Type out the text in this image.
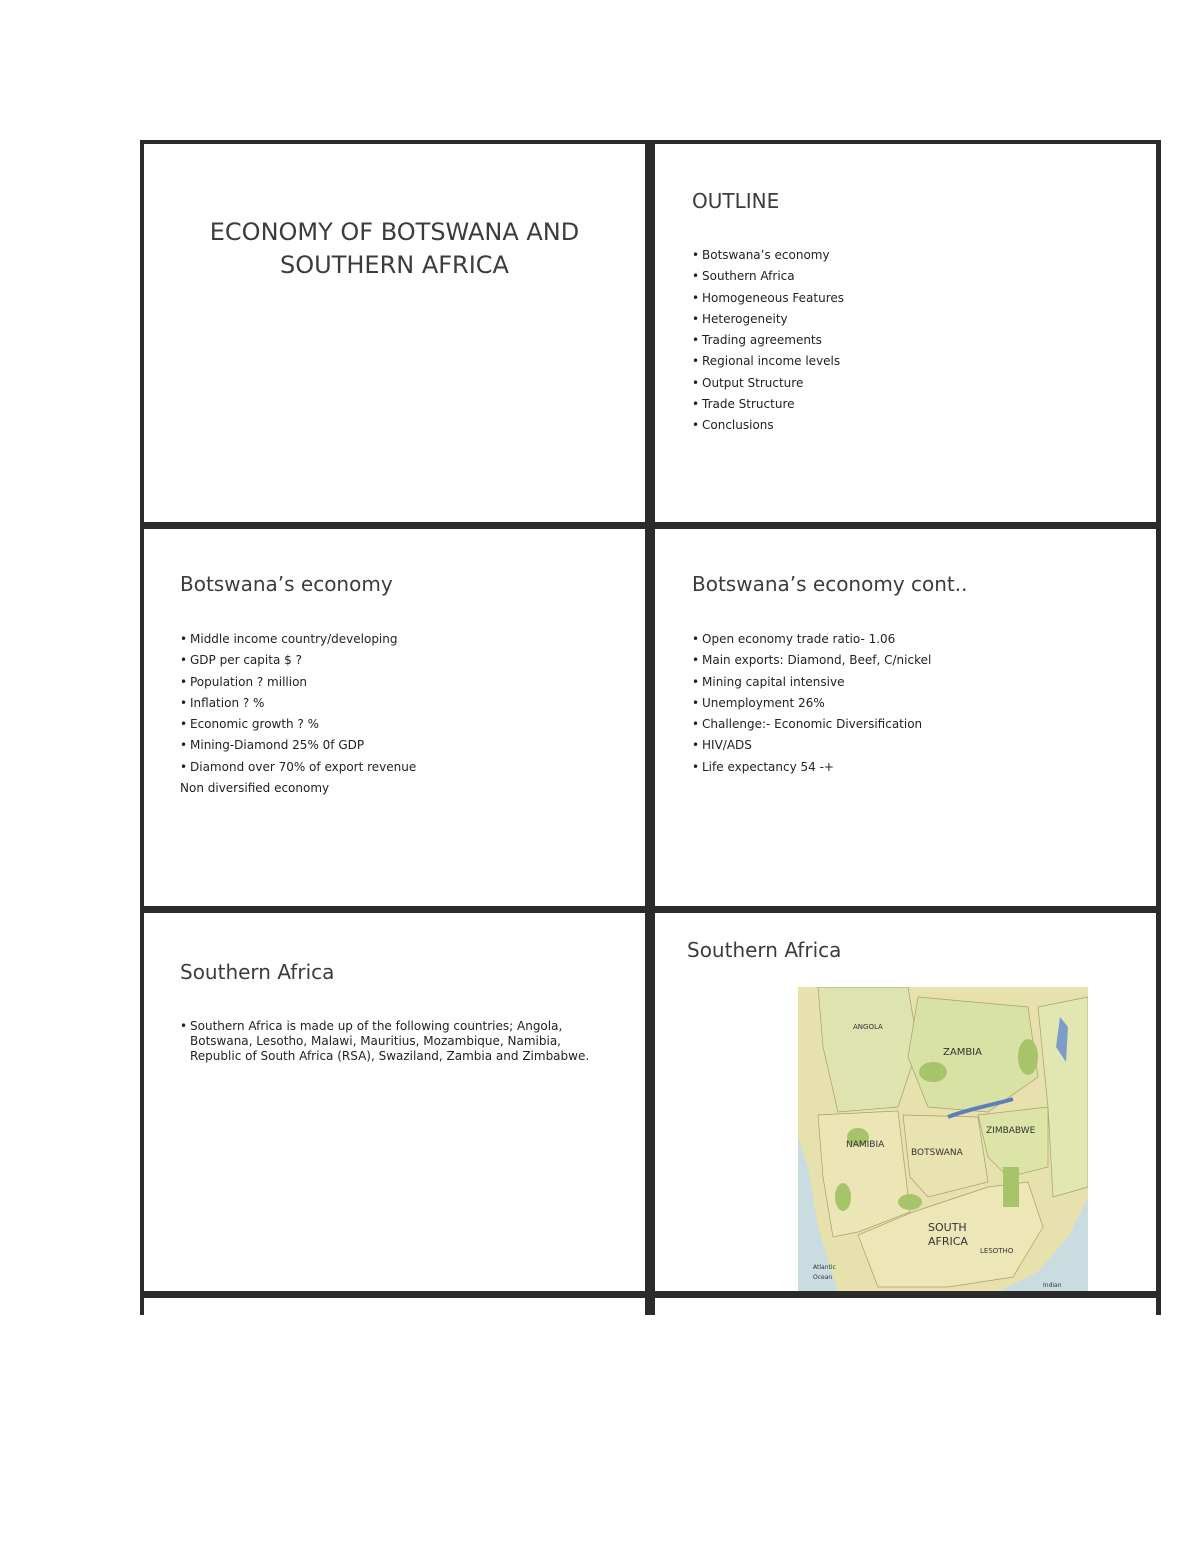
ECONOMY OF BOTSWANA AND
SOUTHERN AFRICA
OUTLINE
• Botswana’s economy
• Southern Africa
• Homogeneous Features
• Heterogeneity
• Trading agreements
• Regional income levels
• Output Structure
• Trade Structure
• Conclusions
Botswana’s economy
• Middle income country/developing
• GDP per capita $ ?
• Population ? million
• Inflation ? %
• Economic growth ? %
• Mining-Diamond 25% 0f GDP
• Diamond over 70% of export revenue
Non diversified economy
Botswana’s economy cont..
• Open economy trade ratio- 1.06
• Main exports: Diamond, Beef, C/nickel
• Mining capital intensive
• Unemployment 26%
• Challenge:- Economic Diversification
• HIV/ADS
• Life expectancy 54 -+
Southern Africa
• Southern Africa is made up of the following countries; Angola,
Botswana, Lesotho, Malawi, Mauritius, Mozambique, Namibia,
Republic of South Africa (RSA), Swaziland, Zambia and Zimbabwe.
Southern Africa
ANGOLA
ZAMBIA
ZIMBABWE
NAMIBIA
BOTSWANA
SOUTH
AFRICA
LESOTHO
Atlantic
Ocean
Indian
